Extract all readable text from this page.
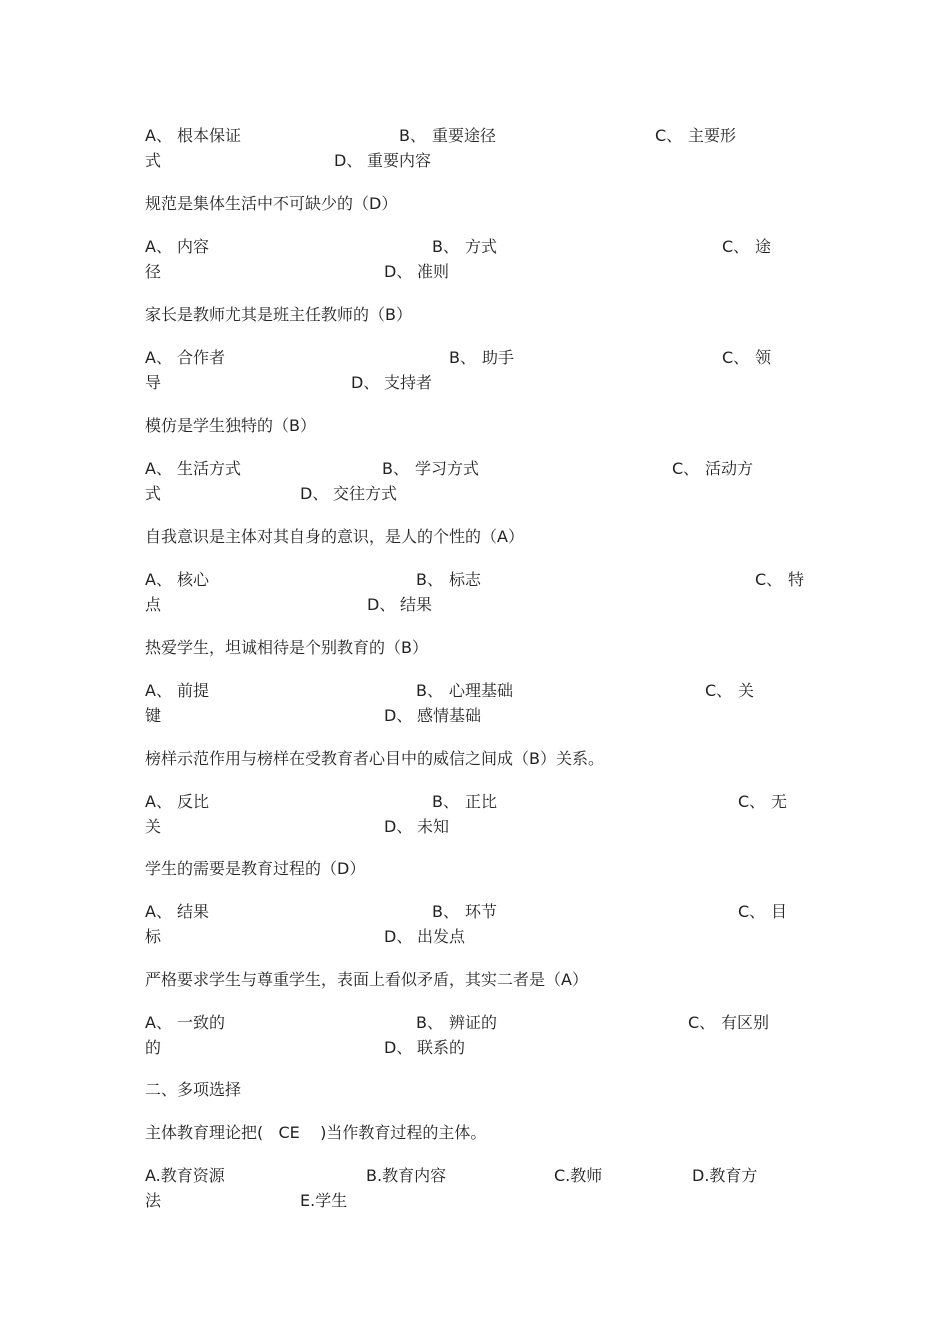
A、 根本保证	B、 重要途径	C、 主要形
式	D、 重要内容
规范是集体生活中不可缺少的（D）
A、 内容	B、 方式	C、 途
径	D、 准则
家长是教师尤其是班主任教师的（B）
A、 合作者	B、 助手	C、 领
导	D、 支持者
模仿是学生独特的（B）
A、 生活方式	B、 学习方式	C、 活动方
式	D、 交往方式
自我意识是主体对其自身的意识，是人的个性的（A）
A、 核心	B、 标志	C、 特
点	D、 结果
热爱学生，坦诚相待是个别教育的（B）
A、 前提	B、 心理基础	C、 关
键	D、 感情基础
榜样示范作用与榜样在受教育者心目中的威信之间成（B）关系。
A、 反比	B、 正比	C、 无
关	D、 未知
学生的需要是教育过程的（D）
A、 结果	B、 环节	C、 目
标	D、 出发点
严格要求学生与尊重学生，表面上看似矛盾，其实二者是（A）
A、 一致的	B、 辨证的	C、 有区别
的	D、 联系的
二、多项选择
主体教育理论把(   CE    )当作教育过程的主体。
A.教育资源	B.教育内容	C.教师	D.教育方
法	E.学生
